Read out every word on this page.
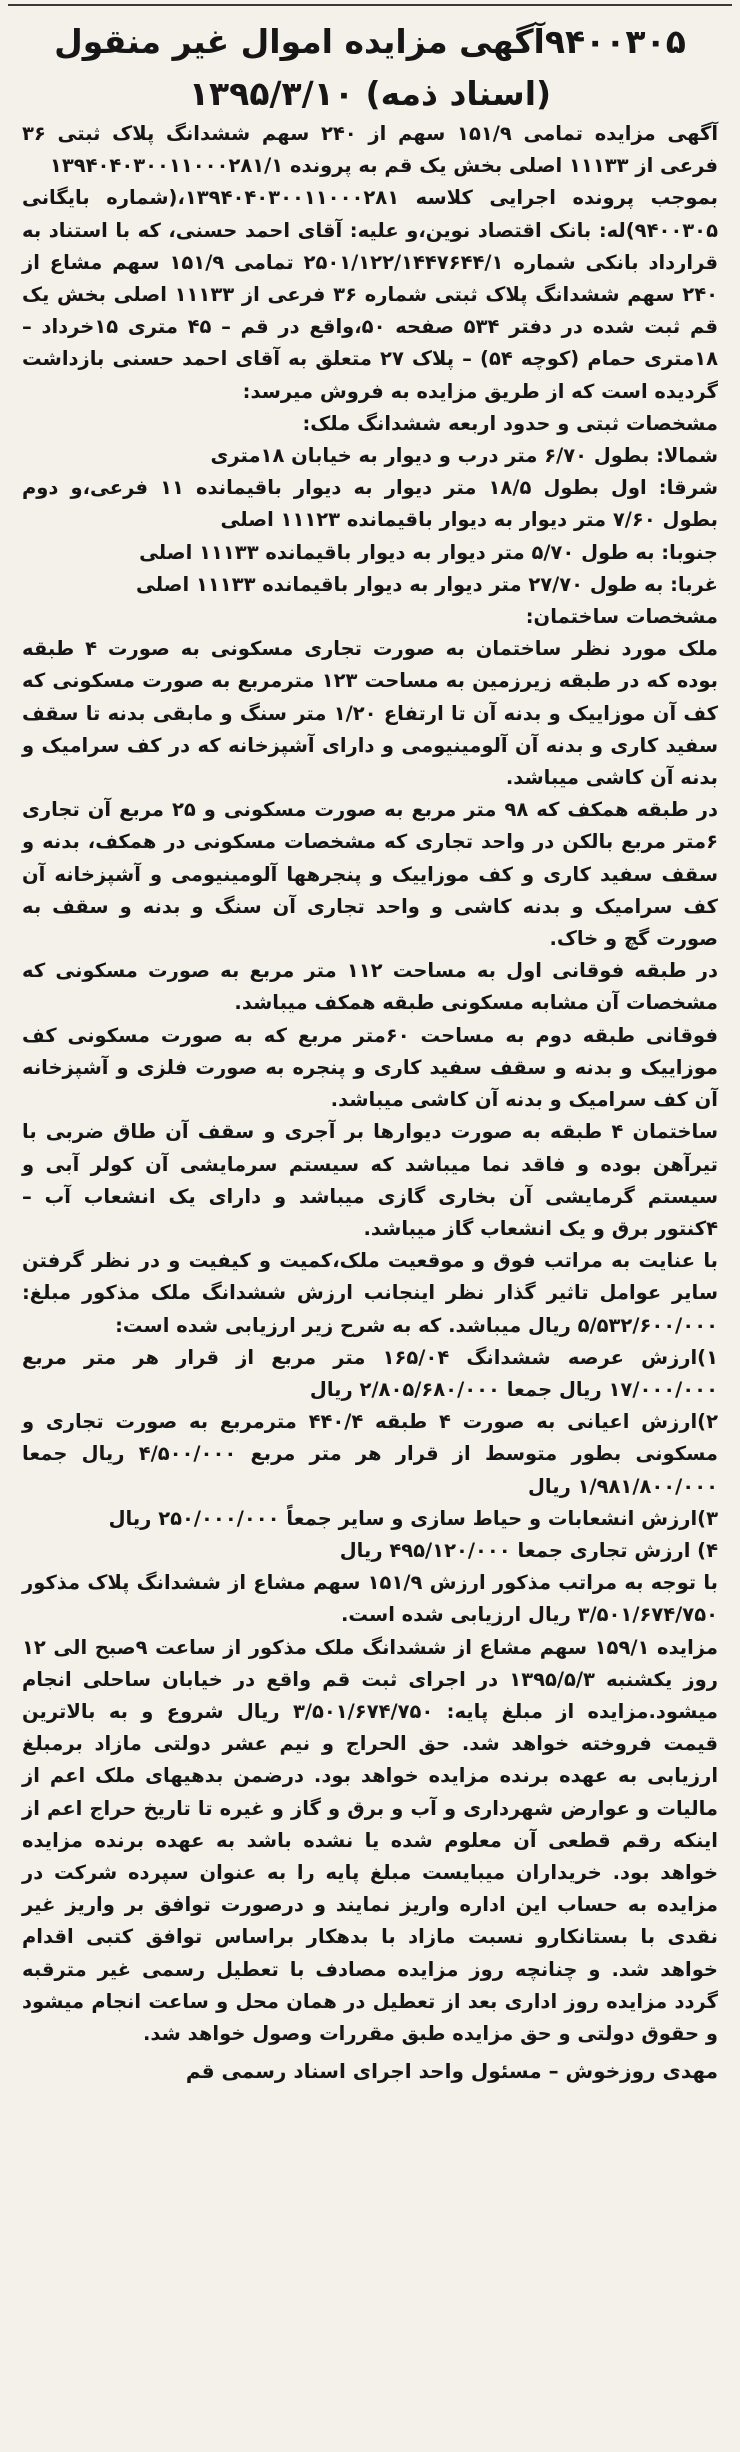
۹۴۰۰۳۰۵آگهی مزایده اموال غیر منقول
(اسناد ذمه) ۱۳۹۵/۳/۱۰

آگهی مزایده تمامی ۱۵۱/۹ سهم از ۲۴۰ سهم ششدانگ پلاک ثبتی ۳۶ فرعی از ۱۱۱۳۳ اصلی بخش یک قم به پرونده ۱۳۹۴۰۴۰۳۰۰۱۱۰۰۰۲۸۱/۱

بموجب پرونده اجرایی کلاسه ۱۳۹۴۰۴۰۳۰۰۱۱۰۰۰۲۸۱،(شماره بایگانی ۹۴۰۰۳۰۵)له: بانک اقتصاد نوین،و علیه: آقای احمد حسنی، که با استناد به قرارداد بانکی شماره ۲۵۰۱/۱۲۲/۱۴۴۷۶۴۴/۱ تمامی ۱۵۱/۹ سهم مشاع از ۲۴۰ سهم ششدانگ پلاک ثبتی شماره ۳۶ فرعی از ۱۱۱۳۳ اصلی بخش یک قم ثبت شده در دفتر ۵۳۴ صفحه ۵۰،واقع در قم – ۴۵ متری ۱۵خرداد – ۱۸متری حمام (کوچه ۵۴) – پلاک ۲۷ متعلق به آقای احمد حسنی بازداشت گردیده است که از طریق مزایده به فروش میرسد:

مشخصات ثبتی و حدود اربعه ششدانگ ملک:

شمالا: بطول ۶/۷۰ متر درب و دیوار به خیابان ۱۸متری

شرقا: اول بطول ۱۸/۵ متر دیوار به دیوار باقیمانده ۱۱ فرعی،و دوم بطول ۷/۶۰ متر دیوار به دیوار باقیمانده ۱۱۱۲۳ اصلی

جنوبا: به طول ۵/۷۰ متر دیوار به دیوار باقیمانده ۱۱۱۳۳ اصلی

غربا: به طول ۲۷/۷۰ متر دیوار به دیوار باقیمانده ۱۱۱۳۳ اصلی

مشخصات ساختمان:

ملک مورد نظر ساختمان به صورت تجاری مسکونی به صورت ۴ طبقه بوده که در طبقه زیرزمین به مساحت ۱۲۳ مترمربع به صورت مسکونی که کف آن موزاییک و بدنه آن تا ارتفاع ۱/۲۰ متر سنگ و مابقی بدنه تا سقف سفید کاری و بدنه آن آلومینیومی و دارای آشپزخانه که در کف سرامیک و بدنه آن کاشی میباشد.

در طبقه همکف که ۹۸ متر مربع به صورت مسکونی و ۲۵ مربع آن تجاری ۶متر مربع بالکن در واحد تجاری که مشخصات مسکونی در همکف، بدنه و سقف سفید کاری و کف موزاییک و پنجرهها آلومینیومی و آشپزخانه آن کف سرامیک و بدنه کاشی و واحد تجاری آن سنگ و بدنه و سقف به صورت گچ و خاک.

در طبقه فوقانی اول به مساحت ۱۱۲ متر مربع به صورت مسکونی که مشخصات آن مشابه مسکونی طبقه همکف میباشد.

فوقانی طبقه دوم به مساحت ۶۰متر مربع که به صورت مسکونی کف موزاییک و بدنه و سقف سفید کاری و پنجره به صورت فلزی و آشپزخانه آن کف سرامیک و بدنه آن کاشی میباشد.

ساختمان ۴ طبقه به صورت دیوارها بر آجری و سقف آن طاق ضربی با تیرآهن بوده و فاقد نما میباشد که سیستم سرمایشی آن کولر آبی و سیستم گرمایشی آن بخاری گازی میباشد و دارای یک انشعاب آب – ۴کنتور برق و یک انشعاب گاز میباشد.

با عنایت به مراتب فوق و موقعیت ملک،کمیت و کیفیت و در نظر گرفتن سایر عوامل تاثیر گذار نظر اینجانب ارزش ششدانگ ملک مذکور مبلغ: ۵/۵۳۲/۶۰۰/۰۰۰ ریال میباشد. که به شرح زیر ارزیابی شده است:

۱)ارزش عرصه ششدانگ ۱۶۵/۰۴ متر مربع از قرار هر متر مربع ۱۷/۰۰۰/۰۰۰ ریال جمعا ۲/۸۰۵/۶۸۰/۰۰۰ ریال

۲)ارزش اعیانی به صورت ۴ طبقه ۴۴۰/۴ مترمربع به صورت تجاری و مسکونی بطور متوسط از قرار هر متر مربع ۴/۵۰۰/۰۰۰ ریال جمعا ۱/۹۸۱/۸۰۰/۰۰۰ ریال

۳)ارزش انشعابات و حیاط سازی و سایر جمعاً ۲۵۰/۰۰۰/۰۰۰ ریال

۴) ارزش تجاری جمعا ۴۹۵/۱۲۰/۰۰۰ ریال

با توجه به مراتب مذکور ارزش ۱۵۱/۹ سهم مشاع از ششدانگ پلاک مذکور ۳/۵۰۱/۶۷۴/۷۵۰ ریال ارزیابی شده است.

مزایده ۱۵۹/۱ سهم مشاع از ششدانگ ملک مذکور از ساعت ۹صبح الی ۱۲ روز یکشنبه ۱۳۹۵/۵/۳ در اجرای ثبت قم واقع در خیابان ساحلی انجام میشود.مزایده از مبلغ پایه: ۳/۵۰۱/۶۷۴/۷۵۰ ریال شروع و به بالاترین قیمت فروخته خواهد شد. حق الحراج و نیم عشر دولتی مازاد برمبلغ ارزیابی به عهده برنده مزایده خواهد بود. درضمن بدهیهای ملک اعم از مالیات و عوارض شهرداری و آب و برق و گاز و غیره تا تاریخ حراج اعم از اینکه رقم قطعی آن معلوم شده یا نشده باشد به عهده برنده مزایده خواهد بود. خریداران میبایست مبلغ پایه را به عنوان سپرده شرکت در مزایده به حساب این اداره واریز نمایند و درصورت توافق بر واریز غیر نقدی با بستانکارو نسبت مازاد با بدهکار براساس توافق کتبی اقدام خواهد شد. و چنانچه روز مزایده مصادف با تعطیل رسمی غیر مترقبه گردد مزایده روز اداری بعد از تعطیل در همان محل و ساعت انجام میشود و حقوق دولتی و حق مزایده طبق مقررات وصول خواهد شد.

مهدی روزخوش – مسئول واحد اجرای اسناد رسمی قم
